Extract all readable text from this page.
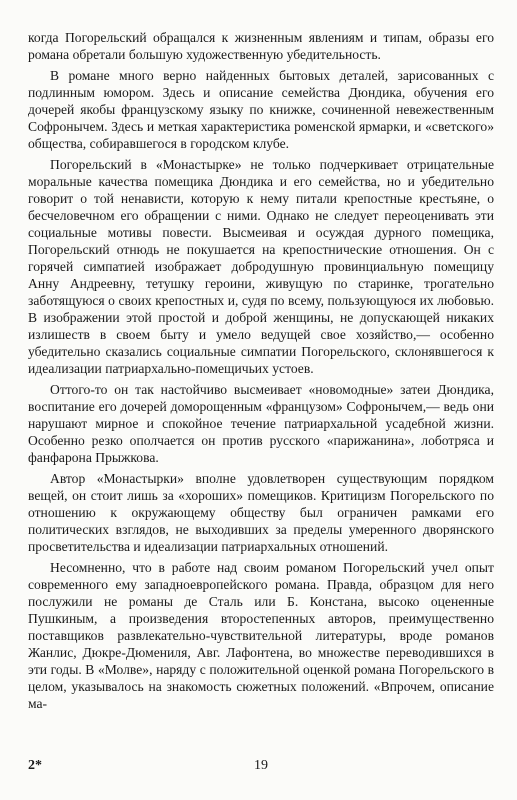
когда Погорельский обращался к жизненным явлениям и типам, образы его романа обретали большую художественную убедительность.

В романе много верно найденных бытовых деталей, зарисованных с подлинным юмором. Здесь и описание семейства Дюндика, обучения его дочерей якобы французскому языку по книжке, сочиненной невежественным Софронычем. Здесь и меткая характеристика роменской ярмарки, и «светского» общества, собиравшегося в городском клубе.

Погорельский в «Монастырке» не только подчеркивает отрицательные моральные качества помещика Дюндика и его семейства, но и убедительно говорит о той ненависти, которую к нему питали крепостные крестьяне, о бесчеловечном его обращении с ними. Однако не следует переоценивать эти социальные мотивы повести. Высмеивая и осуждая дурного помещика, Погорельский отнюдь не покушается на крепостнические отношения. Он с горячей симпатией изображает добродушную провинциальную помещицу Анну Андреевну, тетушку героини, живущую по старинке, трогательно заботящуюся о своих крепостных и, судя по всему, пользующуюся их любовью. В изображении этой простой и доброй женщины, не допускающей никаких излишеств в своем быту и умело ведущей свое хозяйство,— особенно убедительно сказались социальные симпатии Погорельского, склонявшегося к идеализации патриархально-помещичьих устоев.

Оттого-то он так настойчиво высмеивает «новомодные» затеи Дюндика, воспитание его дочерей доморощенным «французом» Софронычем,— ведь они нарушают мирное и спокойное течение патриархальной усадебной жизни. Особенно резко ополчается он против русского «парижанина», лоботряса и фанфарона Прыжкова.

Автор «Монастырки» вполне удовлетворен существующим порядком вещей, он стоит лишь за «хороших» помещиков. Критицизм Погорельского по отношению к окружающему обществу был ограничен рамками его политических взглядов, не выходивших за пределы умеренного дворянского просветительства и идеализации патриархальных отношений.

Несомненно, что в работе над своим романом Погорельский учел опыт современного ему западноевропейского романа. Правда, образцом для него послужили не романы де Сталь или Б. Констана, высоко оцененные Пушкиным, а произведения второстепенных авторов, преимущественно поставщиков развлекательно-чувствительной литературы, вроде романов Жанлис, Дюкре-Дюмениля, Авг. Лафонтена, во множестве переводившихся в эти годы. В «Молве», наряду с положительной оценкой романа Погорельского в целом, указывалось на знакомость сюжетных положений. «Впрочем, описание ма-

2*	19
